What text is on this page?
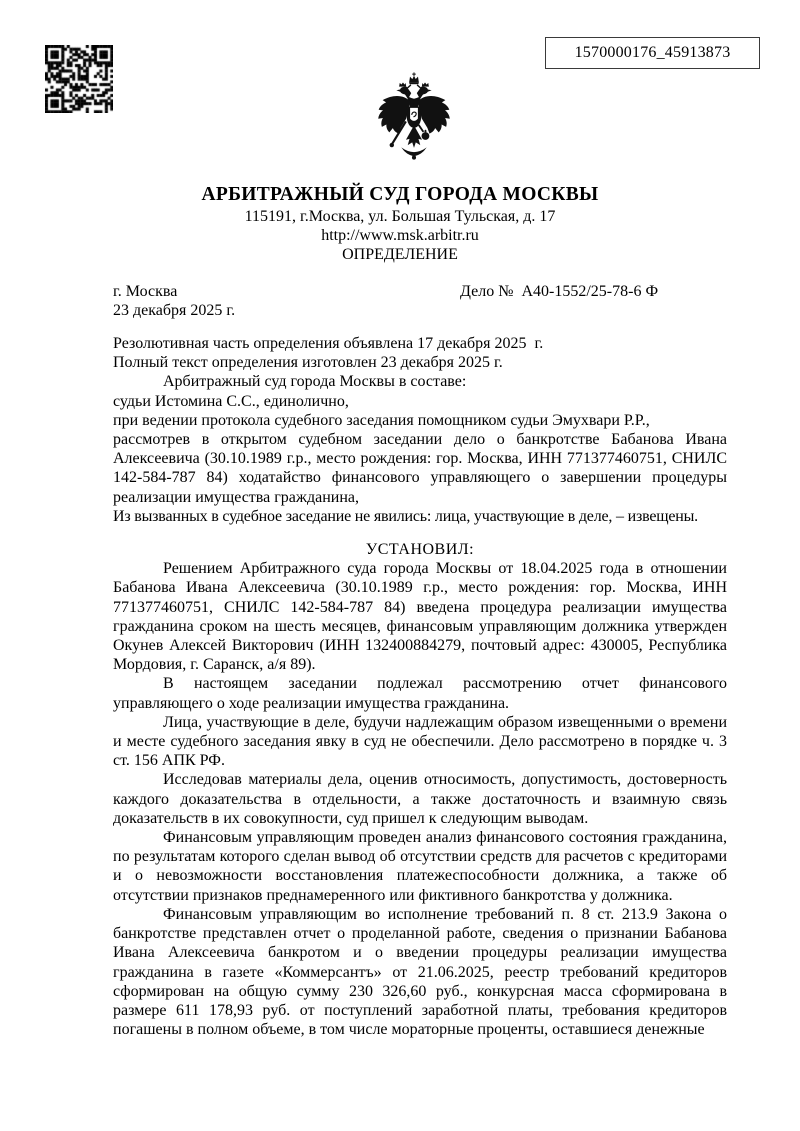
1570000176_45913873
АРБИТРАЖНЫЙ СУД ГОРОДА МОСКВЫ
115191, г.Москва, ул. Большая Тульская, д. 17
http://www.msk.arbitr.ru
ОПРЕДЕЛЕНИЕ
г. Москва	Дело №  А40-1552/25-78-6 Ф
23 декабря 2025 г.

Резолютивная часть определения объявлена 17 декабря 2025  г.

Полный текст определения изготовлен 23 декабря 2025 г.

Арбитражный суд города Москвы в составе:

судьи Истомина С.С., единолично,

при ведении протокола судебного заседания помощником судьи Эмухвари Р.Р.,

рассмотрев в открытом судебном заседании дело о банкротстве Бабанова Ивана Алексеевича (30.10.1989 г.р., место рождения: гор. Москва, ИНН 771377460751, СНИЛС 142-584-787 84) ходатайство финансового управляющего о завершении процедуры реализации имущества гражданина,

Из вызванных в судебное заседание не явились: лица, участвующие в деле, – извещены.

УСТАНОВИЛ:

Решением Арбитражного суда города Москвы от 18.04.2025 года в отношении Бабанова Ивана Алексеевича (30.10.1989 г.р., место рождения: гор. Москва, ИНН 771377460751, СНИЛС 142-584-787 84) введена процедура реализации имущества гражданина сроком на шесть месяцев, финансовым управляющим должника утвержден Окунев Алексей Викторович (ИНН 132400884279, почтовый адрес: 430005, Республика Мордовия, г. Саранск, а/я 89).

В настоящем заседании подлежал рассмотрению отчет финансового управляющего о ходе реализации имущества гражданина.

Лица, участвующие в деле, будучи надлежащим образом извещенными о времени и месте судебного заседания явку в суд не обеспечили. Дело рассмотрено в порядке ч. 3 ст. 156 АПК РФ.

Исследовав материалы дела, оценив относимость, допустимость, достоверность каждого доказательства в отдельности, а также достаточность и взаимную связь доказательств в их совокупности, суд пришел к следующим выводам.

Финансовым управляющим проведен анализ финансового состояния гражданина, по результатам которого сделан вывод об отсутствии средств для расчетов с кредиторами и о невозможности восстановления платежеспособности должника, а также об отсутствии признаков преднамеренного или фиктивного банкротства у должника.

Финансовым управляющим во исполнение требований п. 8 ст. 213.9 Закона о банкротстве представлен отчет о проделанной работе, сведения о признании Бабанова Ивана Алексеевича банкротом и о введении процедуры реализации имущества гражданина в газете «Коммерсантъ» от 21.06.2025, реестр требований кредиторов сформирован на общую сумму 230 326,60 руб., конкурсная масса сформирована в размере 611 178,93 руб. от поступлений заработной платы, требования кредиторов погашены в полном объеме, в том числе мораторные проценты, оставшиеся денежные
